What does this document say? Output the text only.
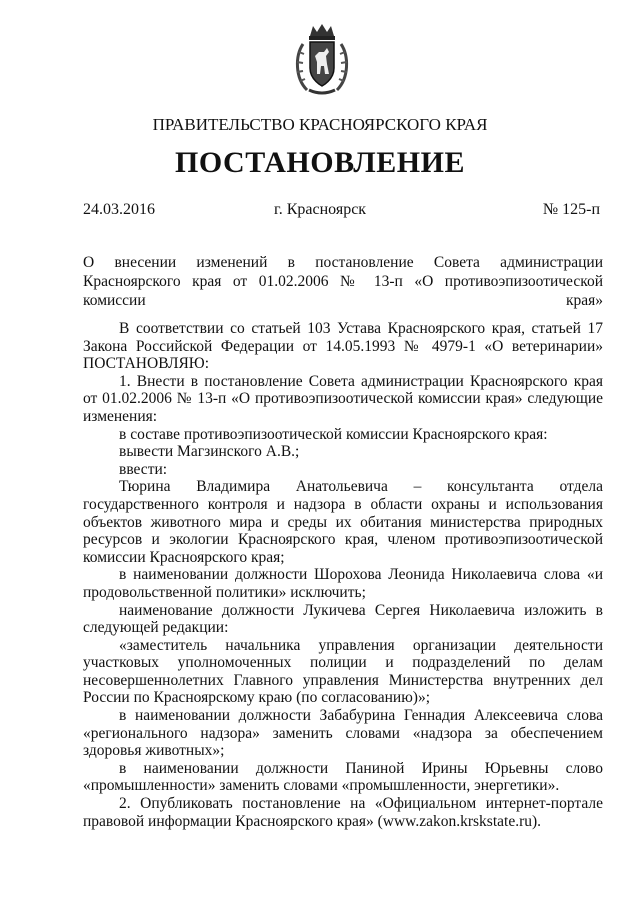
ПРАВИТЕЛЬСТВО КРАСНОЯРСКОГО КРАЯ
ПОСТАНОВЛЕНИЕ
24.03.2016	г. Красноярск	№ 125-п
О внесении изменений в постановление Совета администрации Красноярского края от 01.02.2006 № 13-п «О противоэпизоотической комиссии края»

В соответствии со статьей 103 Устава Красноярского края, статьей 17 Закона Российской Федерации от 14.05.1993 № 4979-1 «О ветеринарии» ПОСТАНОВЛЯЮ:

1. Внести в постановление Совета администрации Красноярского края от 01.02.2006 № 13-п «О противоэпизоотической комиссии края» следующие изменения:

в составе противоэпизоотической комиссии Красноярского края:

вывести Магзинского А.В.;

ввести:

Тюрина Владимира Анатольевича – консультанта отдела государственного контроля и надзора в области охраны и использования объектов животного мира и среды их обитания министерства природных ресурсов и экологии Красноярского края, членом противоэпизоотической комиссии Красноярского края;

в наименовании должности Шорохова Леонида Николаевича слова «и продовольственной политики» исключить;

наименование должности Лукичева Сергея Николаевича изложить в следующей редакции:

«заместитель начальника управления организации деятельности участковых уполномоченных полиции и подразделений по делам несовершеннолетних Главного управления Министерства внутренних дел России по Красноярскому краю (по согласованию)»;

в наименовании должности Забабурина Геннадия Алексеевича слова «регионального надзора» заменить словами «надзора за обеспечением здоровья животных»;

в наименовании должности Паниной Ирины Юрьевны слово «промышленности» заменить словами «промышленности, энергетики».

2. Опубликовать постановление на «Официальном интернет-портале правовой информации Красноярского края» (www.zakon.krskstate.ru).
